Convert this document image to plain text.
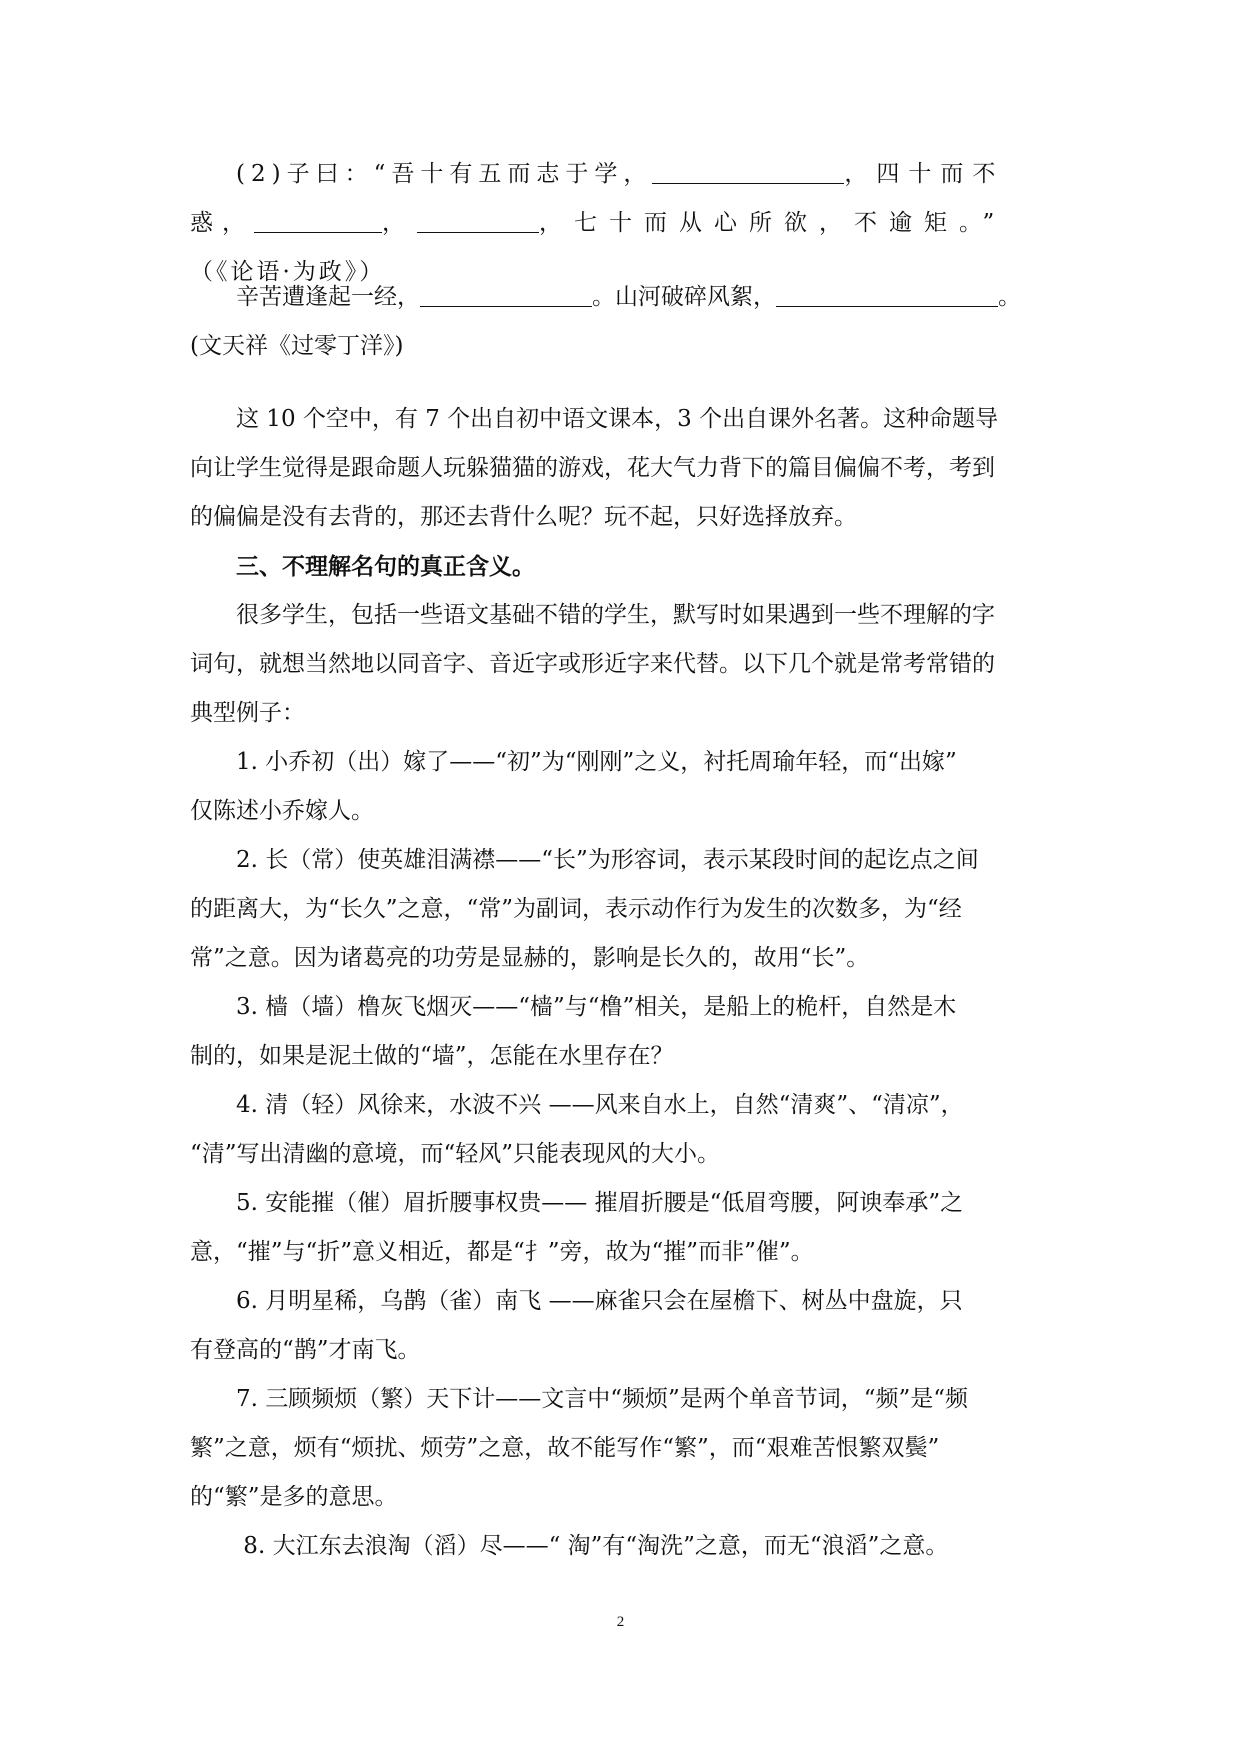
(2)子曰：“吾十有五而志于学，	，四十而不
惑，	，	，七十而从心所欲，不逾矩。”
（《论语·为政》）
辛苦遭逢起一经，	。山河破碎风絮，	。
(文天祥《过零丁洋》)
这 10 个空中，有 7 个出自初中语文课本，3 个出自课外名著。这种命题导
向让学生觉得是跟命题人玩躲猫猫的游戏，花大气力背下的篇目偏偏不考，考到
的偏偏是没有去背的，那还去背什么呢？玩不起，只好选择放弃。
三、不理解名句的真正含义。
很多学生，包括一些语文基础不错的学生，默写时如果遇到一些不理解的字
词句，就想当然地以同音字、音近字或形近字来代替。以下几个就是常考常错的
典型例子：
1. 小乔初（出）嫁了——“初”为“刚刚”之义，衬托周瑜年轻，而“出嫁”
仅陈述小乔嫁人。
2. 长（常）使英雄泪满襟——“长”为形容词，表示某段时间的起讫点之间
的距离大，为“长久”之意，“常”为副词，表示动作行为发生的次数多，为“经
常”之意。因为诸葛亮的功劳是显赫的，影响是长久的，故用“长”。
3. 樯（墙）橹灰飞烟灭——“樯”与“橹”相关，是船上的桅杆，自然是木
制的，如果是泥土做的“墙”，怎能在水里存在？
4. 清（轻）风徐来，水波不兴 ——风来自水上，自然“清爽”、“清凉”，
“清”写出清幽的意境，而“轻风”只能表现风的大小。
5. 安能摧（催）眉折腰事权贵—— 摧眉折腰是“低眉弯腰，阿谀奉承”之
意，“摧”与“折”意义相近，都是“扌”旁，故为“摧”而非”催”。
6. 月明星稀，乌鹊（雀）南飞 ——麻雀只会在屋檐下、树丛中盘旋，只
有登高的“鹊”才南飞。
7. 三顾频烦（繁）天下计——文言中“频烦”是两个单音节词，“频”是“频
繁”之意，烦有“烦扰、烦劳”之意，故不能写作“繁”，而“艰难苦恨繁双鬓”
的“繁”是多的意思。
8. 大江东去浪淘（滔）尽——“ 淘”有“淘洗”之意，而无“浪滔”之意。
2
